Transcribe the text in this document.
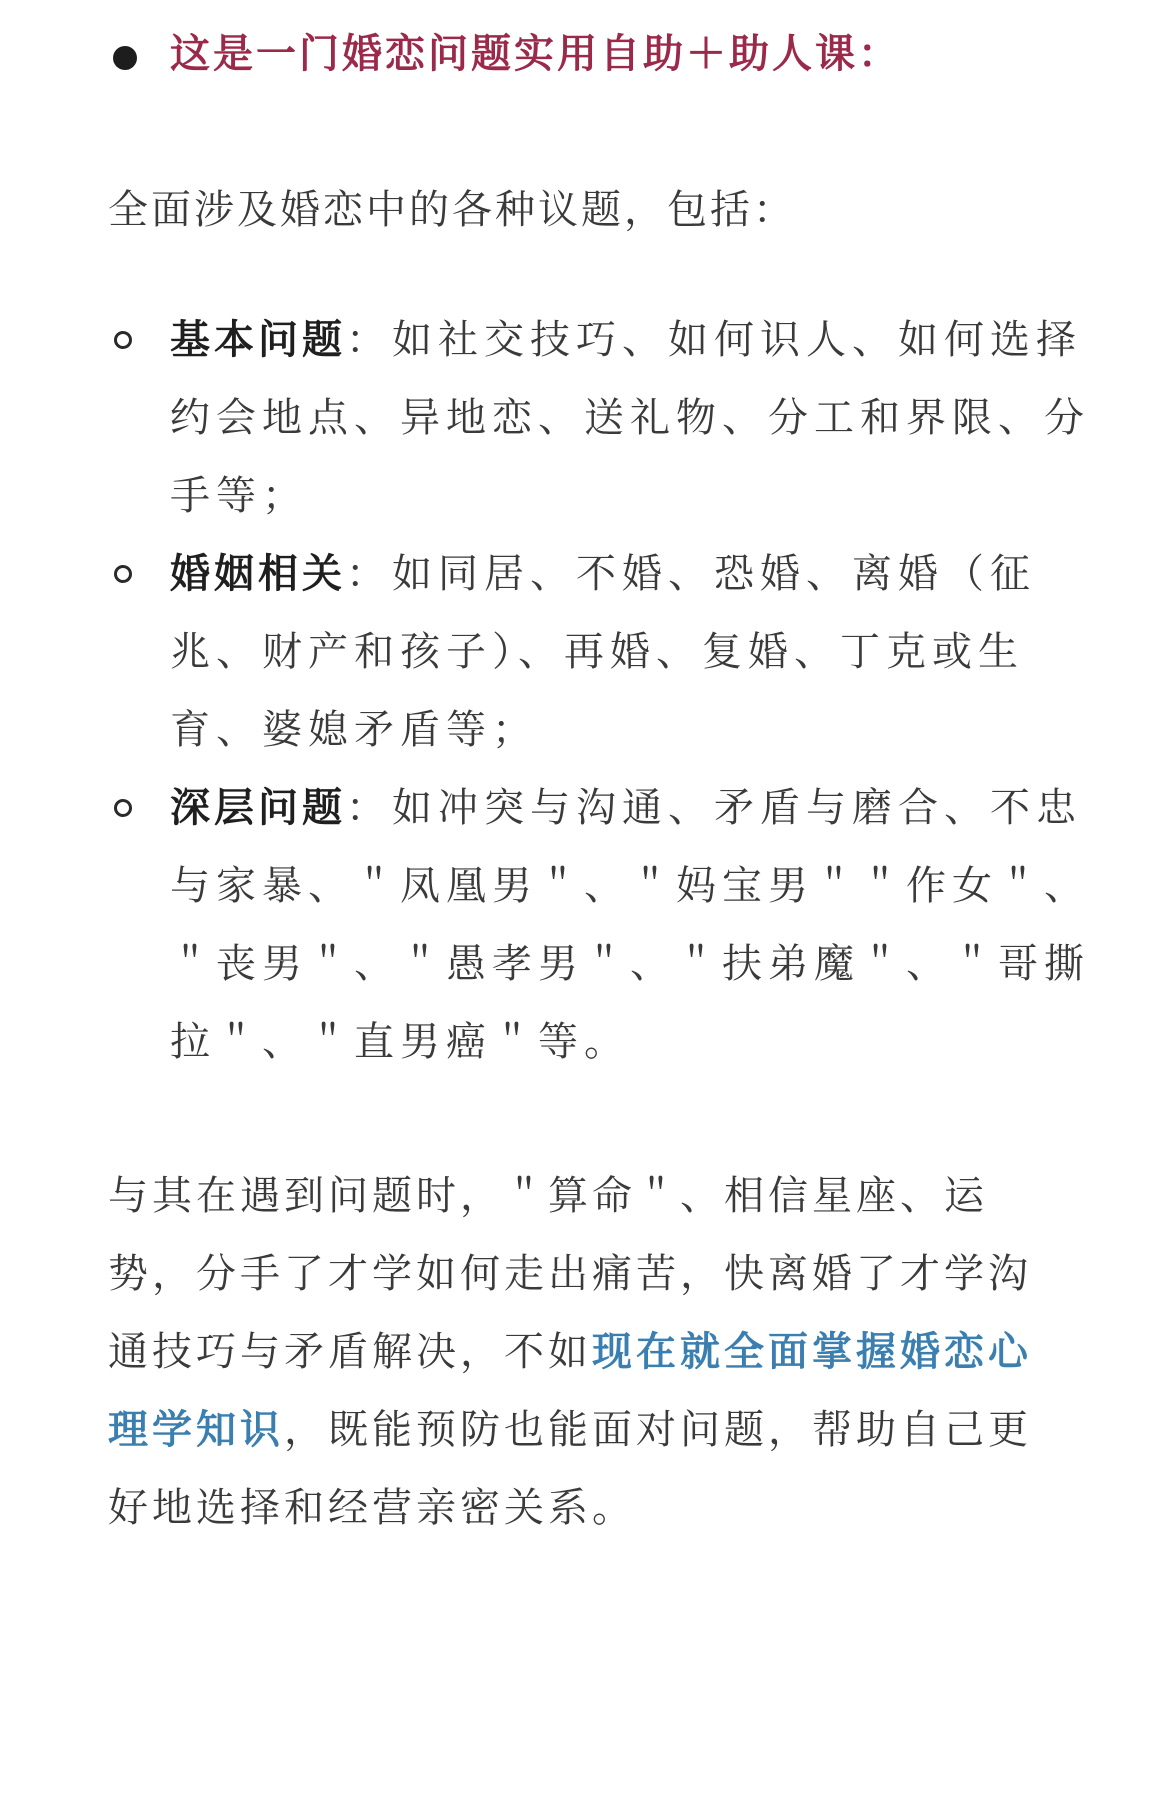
这是一门婚恋问题实用自助＋助人课：
全面涉及婚恋中的各种议题，包括：
基本问题：如社交技巧、如何识人、如何选择
约会地点、异地恋、送礼物、分工和界限、分
手等；
婚姻相关：如同居、不婚、恐婚、离婚（征
兆、财产和孩子）、再婚、复婚、丁克或生
育、婆媳矛盾等；
深层问题：如冲突与沟通、矛盾与磨合、不忠
与家暴、＂凤凰男＂、＂妈宝男＂＂作女＂、
＂丧男＂、＂愚孝男＂、＂扶弟魔＂、＂哥撕
拉＂、＂直男癌＂等。
与其在遇到问题时，＂算命＂、相信星座、运
势，分手了才学如何走出痛苦，快离婚了才学沟
通技巧与矛盾解决，不如现在就全面掌握婚恋心
理学知识，既能预防也能面对问题，帮助自己更
好地选择和经营亲密关系。
